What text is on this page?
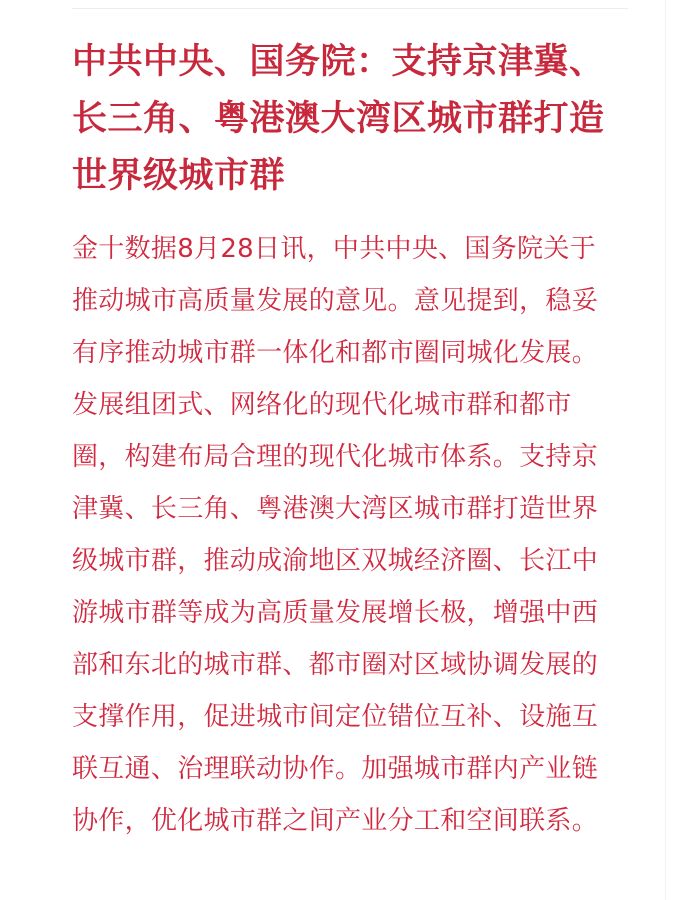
中共中央、国务院：支持京津冀、
长三角、粤港澳大湾区城市群打造
世界级城市群
金十数据8月28日讯，中共中央、国务院关于
推动城市高质量发展的意见。意见提到，稳妥
有序推动城市群一体化和都市圈同城化发展。
发展组团式、网络化的现代化城市群和都市
圈，构建布局合理的现代化城市体系。支持京
津冀、长三角、粤港澳大湾区城市群打造世界
级城市群，推动成渝地区双城经济圈、长江中
游城市群等成为高质量发展增长极，增强中西
部和东北的城市群、都市圈对区域协调发展的
支撑作用，促进城市间定位错位互补、设施互
联互通、治理联动协作。加强城市群内产业链
协作，优化城市群之间产业分工和空间联系。
